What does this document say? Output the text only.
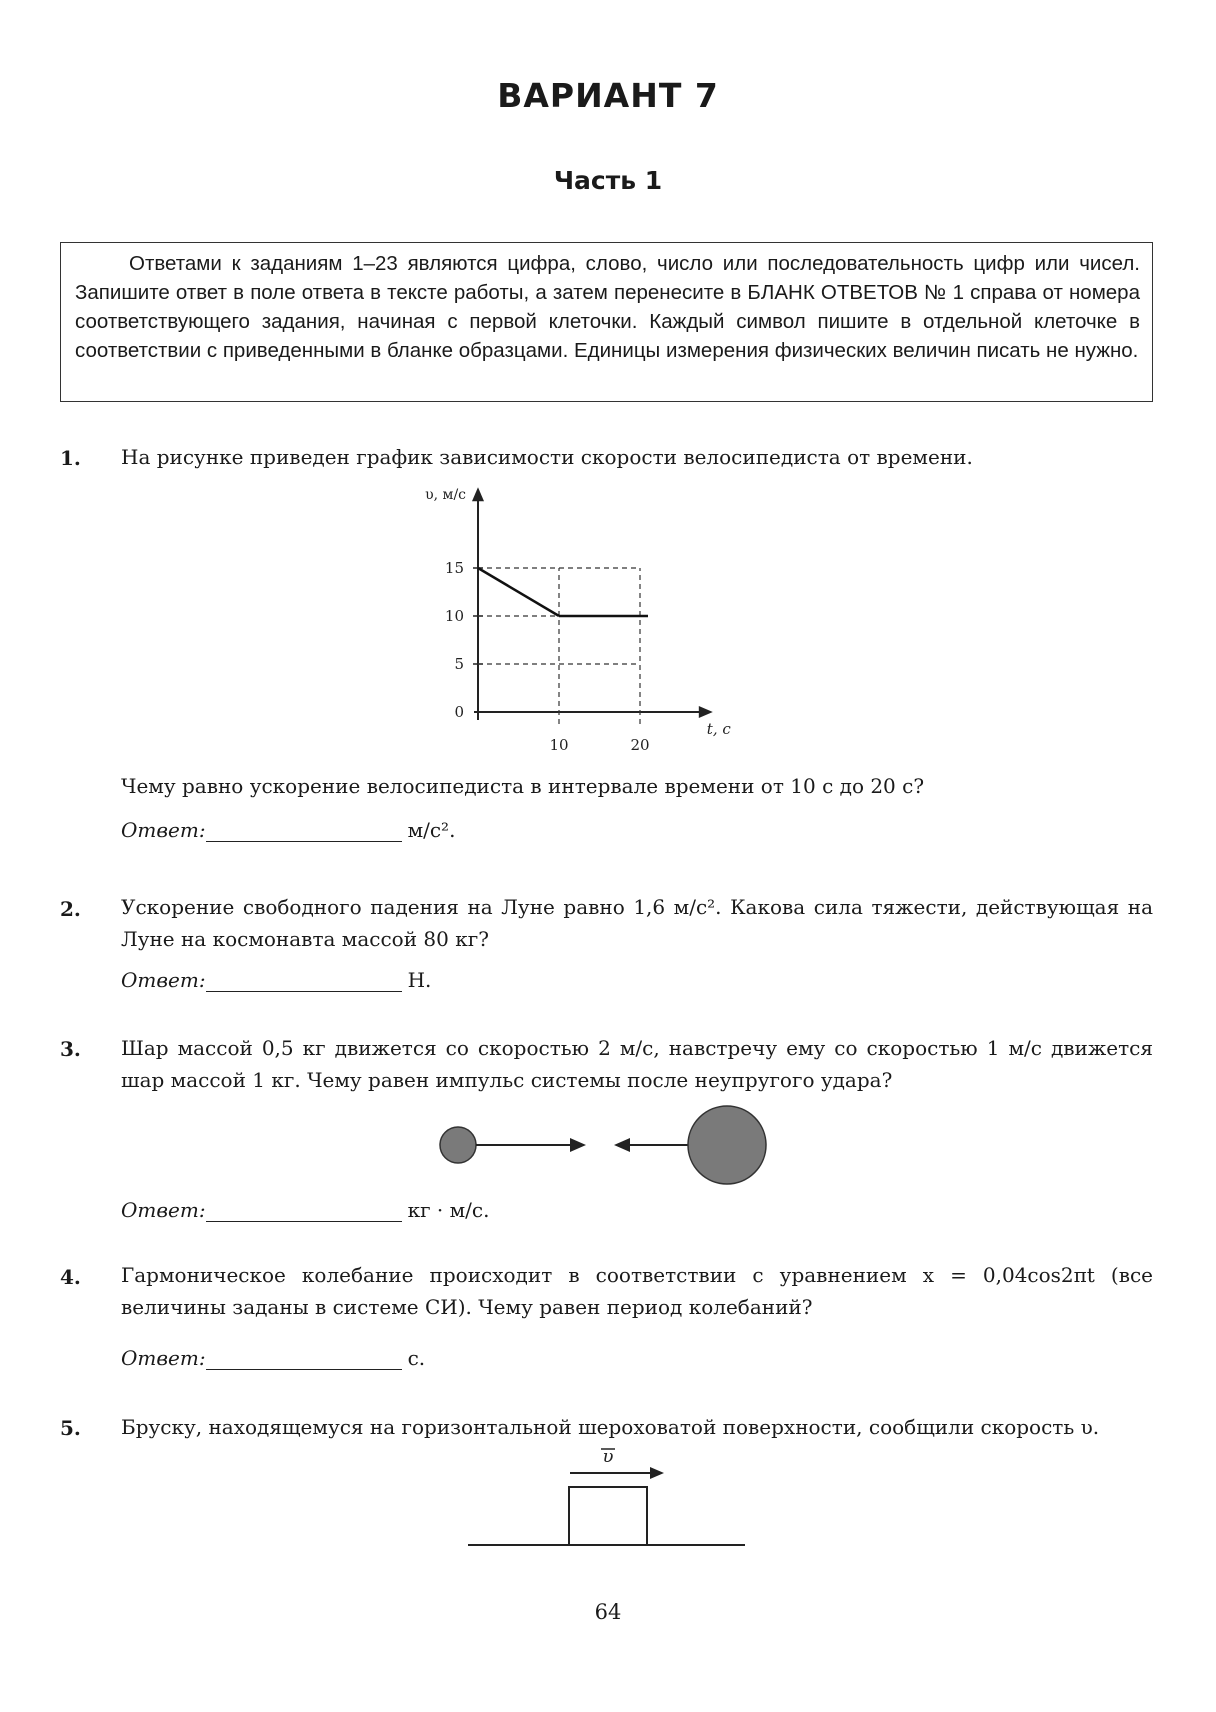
ВАРИАНТ 7
Часть 1
Ответами к заданиям 1–23 являются цифра, слово, число или последовательность цифр или чисел. Запишите ответ в поле ответа в тексте работы, а затем перенесите в БЛАНК ОТВЕТОВ № 1 справа от номера соответствующего задания, начиная с первой клеточки. Каждый символ пишите в отдельной клеточке в соответствии с приведенными в бланке образцами. Единицы измерения физических величин писать не нужно.
1. На рисунке приведен график зависимости скорости велосипедиста от времени.
υ, м/с
t, c
0
5
10
15
10	20
Чему равно ускорение велосипедиста в интервале времени от 10 с до 20 с?
Ответ:	м/с².
2. Ускорение свободного падения на Луне равно 1,6 м/с². Какова сила тяжести, действующая на Луне на космонавта массой 80 кг?
Ответ:	Н.
3. Шар массой 0,5 кг движется со скоростью 2 м/с, навстречу ему со скоростью 1 м/с движется шар массой 1 кг. Чему равен импульс системы после неупругого удара?
Ответ:	кг · м/с.
4. Гармоническое колебание происходит в соответствии с уравнением x = 0,04cos2πt (все величины заданы в системе СИ). Чему равен период колебаний?
Ответ:	с.
5. Бруску, находящемуся на горизонтальной шероховатой поверхности, сообщили скорость υ.
υ
64
